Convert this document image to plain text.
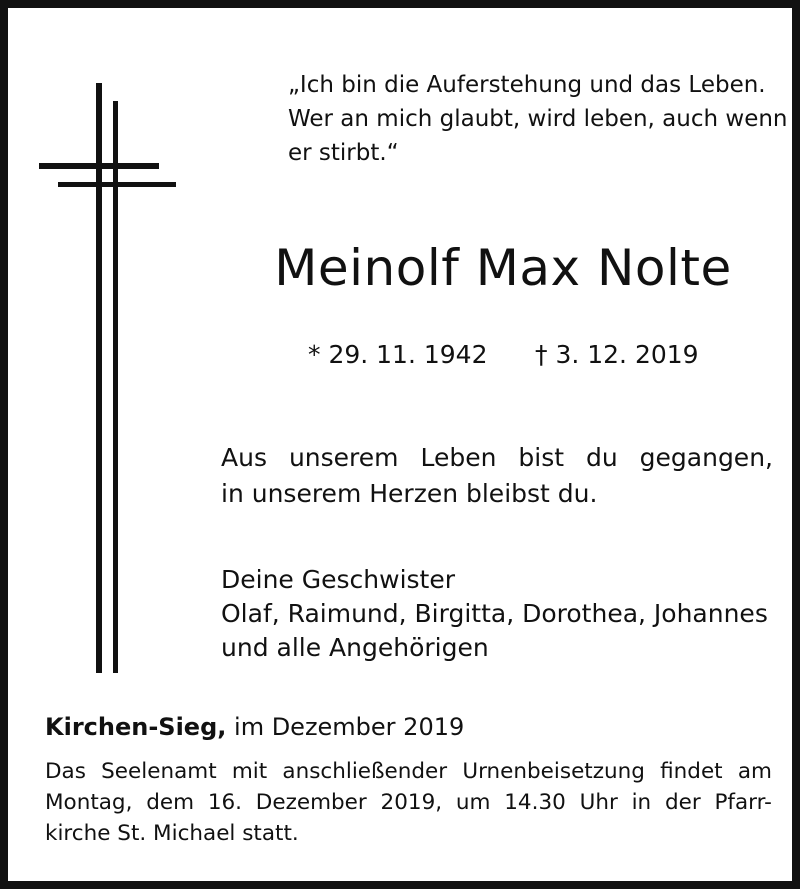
„Ich bin die Auferstehung und das Leben.
Wer an mich glaubt, wird leben, auch wenn
er stirbt.“

Meinolf Max Nolte
* 29. 11. 1942 † 3. 12. 2019

Aus unserem Leben bist du gegangen,
in unserem Herzen bleibst du.

Deine Geschwister
Olaf, Raimund, Birgitta, Dorothea, Johannes
und alle Angehörigen

Kirchen-Sieg, im Dezember 2019

Das Seelenamt mit anschließender Urnenbeisetzung findet am
Montag, dem 16. Dezember 2019, um 14.30 Uhr in der Pfarr-
kirche St. Michael statt.
